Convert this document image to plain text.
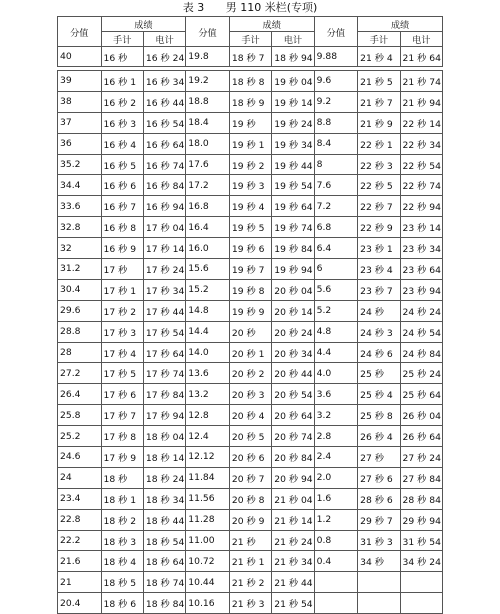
表 3 男 110 米栏(专项)
分值	成绩		分值	成绩		分值	成绩	
	手计	电计		手计	电计		手计	电计
40	16 秒	16 秒 24	19.8	18 秒 7	18 秒 94	9.88	21 秒 4	21 秒 64
39	16 秒 1	16 秒 34	19.2	18 秒 8	19 秒 04	9.6	21 秒 5	21 秒 74
38	16 秒 2	16 秒 44	18.8	18 秒 9	19 秒 14	9.2	21 秒 7	21 秒 94
37	16 秒 3	16 秒 54	18.4	19 秒	19 秒 24	8.8	21 秒 9	22 秒 14
36	16 秒 4	16 秒 64	18.0	19 秒 1	19 秒 34	8.4	22 秒 1	22 秒 34
35.2	16 秒 5	16 秒 74	17.6	19 秒 2	19 秒 44	8	22 秒 3	22 秒 54
34.4	16 秒 6	16 秒 84	17.2	19 秒 3	19 秒 54	7.6	22 秒 5	22 秒 74
33.6	16 秒 7	16 秒 94	16.8	19 秒 4	19 秒 64	7.2	22 秒 7	22 秒 94
32.8	16 秒 8	17 秒 04	16.4	19 秒 5	19 秒 74	6.8	22 秒 9	23 秒 14
32	16 秒 9	17 秒 14	16.0	19 秒 6	19 秒 84	6.4	23 秒 1	23 秒 34
31.2	17 秒	17 秒 24	15.6	19 秒 7	19 秒 94	6	23 秒 4	23 秒 64
30.4	17 秒 1	17 秒 34	15.2	19 秒 8	20 秒 04	5.6	23 秒 7	23 秒 94
29.6	17 秒 2	17 秒 44	14.8	19 秒 9	20 秒 14	5.2	24 秒	24 秒 24
28.8	17 秒 3	17 秒 54	14.4	20 秒	20 秒 24	4.8	24 秒 3	24 秒 54
28	17 秒 4	17 秒 64	14.0	20 秒 1	20 秒 34	4.4	24 秒 6	24 秒 84
27.2	17 秒 5	17 秒 74	13.6	20 秒 2	20 秒 44	4.0	25 秒	25 秒 24
26.4	17 秒 6	17 秒 84	13.2	20 秒 3	20 秒 54	3.6	25 秒 4	25 秒 64
25.8	17 秒 7	17 秒 94	12.8	20 秒 4	20 秒 64	3.2	25 秒 8	26 秒 04
25.2	17 秒 8	18 秒 04	12.4	20 秒 5	20 秒 74	2.8	26 秒 4	26 秒 64
24.6	17 秒 9	18 秒 14	12.12	20 秒 6	20 秒 84	2.4	27 秒	27 秒 24
24	18 秒	18 秒 24	11.84	20 秒 7	20 秒 94	2.0	27 秒 6	27 秒 84
23.4	18 秒 1	18 秒 34	11.56	20 秒 8	21 秒 04	1.6	28 秒 6	28 秒 84
22.8	18 秒 2	18 秒 44	11.28	20 秒 9	21 秒 14	1.2	29 秒 7	29 秒 94
22.2	18 秒 3	18 秒 54	11.00	21 秒	21 秒 24	0.8	31 秒 3	31 秒 54
21.6	18 秒 4	18 秒 64	10.72	21 秒 1	21 秒 34	0.4	34 秒	34 秒 24
21	18 秒 5	18 秒 74	10.44	21 秒 2	21 秒 44			
20.4	18 秒 6	18 秒 84	10.16	21 秒 3	21 秒 54			
